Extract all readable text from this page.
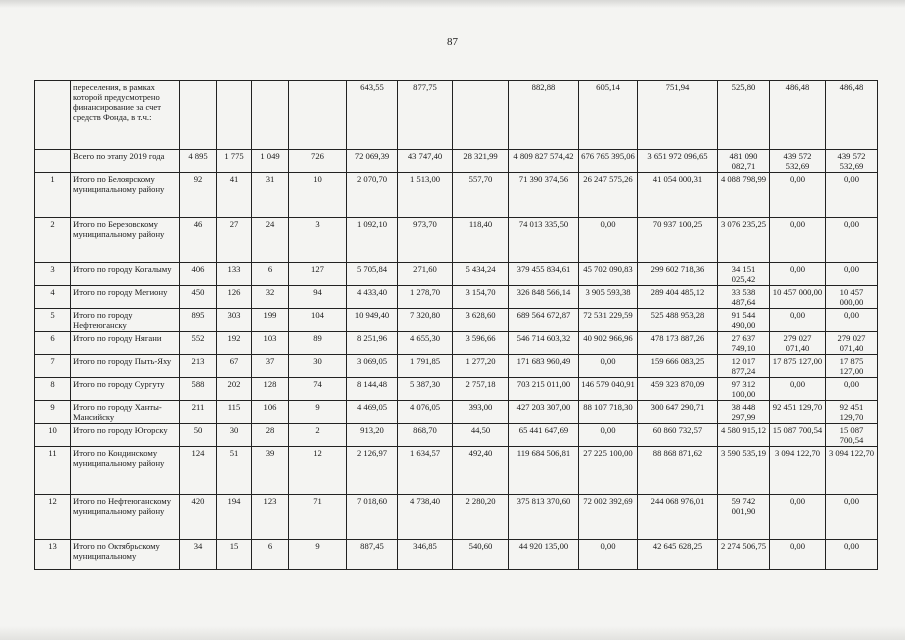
87
	переселения, в рамках которой предусмотрено финансирование за счет средств Фонда, в т.ч.:					643,55	877,75		882,88	605,14	751,94	525,80	486,48	486,48
	Всего по этапу 2019 года	4 895	1 775	1 049	726	72 069,39	43 747,40	28 321,99	4 809 827 574,42	676 765 395,06	3 651 972 096,65	481 090 082,71	439 572 532,69	439 572 532,69
1	Итого по Белоярскому муниципальному району	92	41	31	10	2 070,70	1 513,00	557,70	71 390 374,56	26 247 575,26	41 054 000,31	4 088 798,99	0,00	0,00
2	Итого по Березовскому муниципальному району	46	27	24	3	1 092,10	973,70	118,40	74 013 335,50	0,00	70 937 100,25	3 076 235,25	0,00	0,00
3	Итого по городу Когалыму	406	133	6	127	5 705,84	271,60	5 434,24	379 455 834,61	45 702 090,83	299 602 718,36	34 151 025,42	0,00	0,00
4	Итого по городу Мегиону	450	126	32	94	4 433,40	1 278,70	3 154,70	326 848 566,14	3 905 593,38	289 404 485,12	33 538 487,64	10 457 000,00	10 457 000,00
5	Итого по городу Нефтеюганску	895	303	199	104	10 949,40	7 320,80	3 628,60	689 564 672,87	72 531 229,59	525 488 953,28	91 544 490,00	0,00	0,00
6	Итого по городу Нягани	552	192	103	89	8 251,96	4 655,30	3 596,66	546 714 603,32	40 902 966,96	478 173 887,26	27 637 749,10	279 027 071,40	279 027 071,40
7	Итого по городу Пыть-Яху	213	67	37	30	3 069,05	1 791,85	1 277,20	171 683 960,49	0,00	159 666 083,25	12 017 877,24	17 875 127,00	17 875 127,00
8	Итого по городу Сургуту	588	202	128	74	8 144,48	5 387,30	2 757,18	703 215 011,00	146 579 040,91	459 323 870,09	97 312 100,00	0,00	0,00
9	Итого по городу Ханты-Мансийску	211	115	106	9	4 469,05	4 076,05	393,00	427 203 307,00	88 107 718,30	300 647 290,71	38 448 297,99	92 451 129,70	92 451 129,70
10	Итого по городу Югорску	50	30	28	2	913,20	868,70	44,50	65 441 647,69	0,00	60 860 732,57	4 580 915,12	15 087 700,54	15 087 700,54
11	Итого по Кондинскому муниципальному району	124	51	39	12	2 126,97	1 634,57	492,40	119 684 506,81	27 225 100,00	88 868 871,62	3 590 535,19	3 094 122,70	3 094 122,70
12	Итого по Нефтеюганскому муниципальному району	420	194	123	71	7 018,60	4 738,40	2 280,20	375 813 370,60	72 002 392,69	244 068 976,01	59 742 001,90	0,00	0,00
13	Итого по Октябрьскому муниципальному	34	15	6	9	887,45	346,85	540,60	44 920 135,00	0,00	42 645 628,25	2 274 506,75	0,00	0,00
